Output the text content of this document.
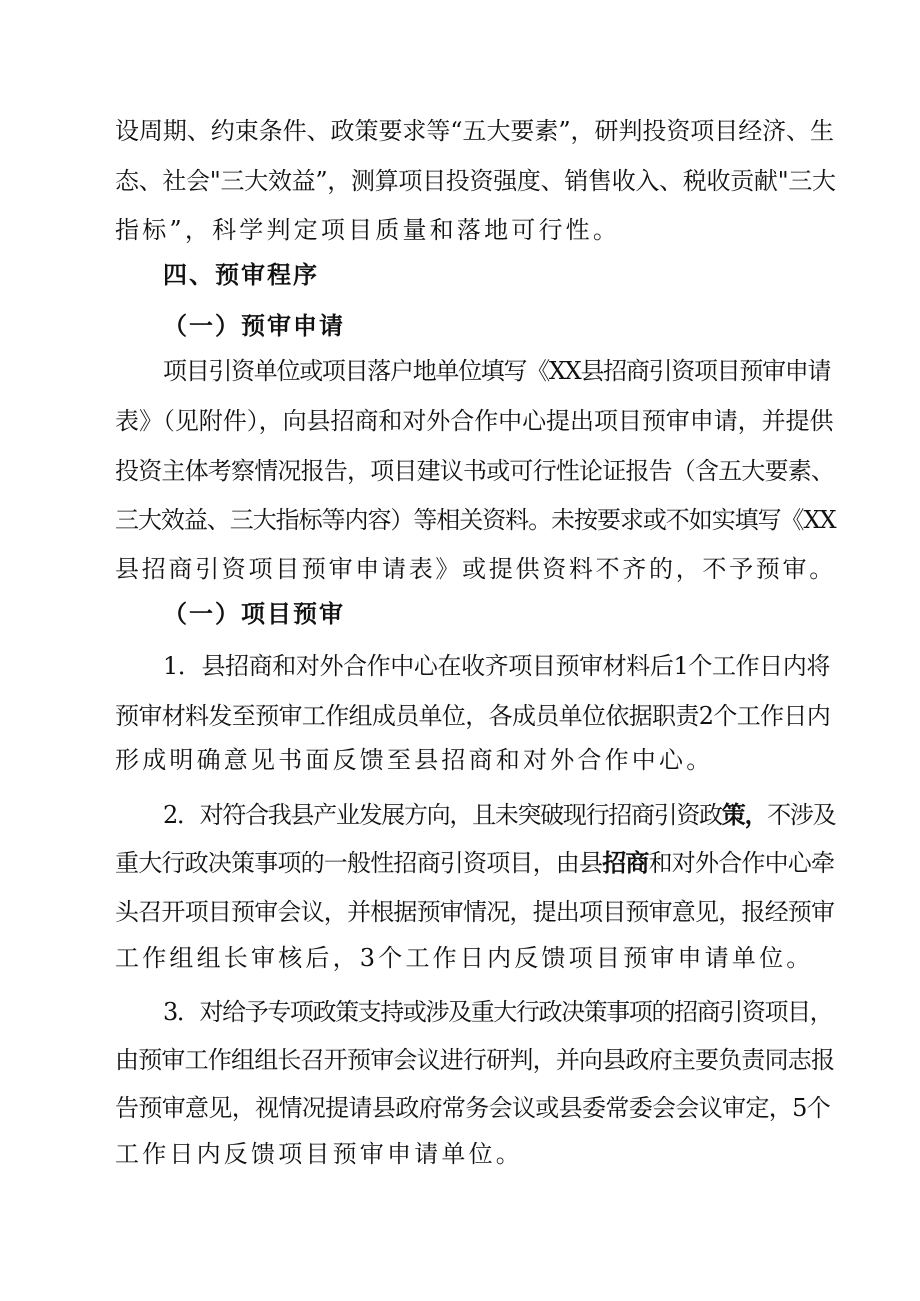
设周期、约束条件、政策要求等“五大要素”，研判投资项目经济、生
态、社会"三大效益”，测算项目投资强度、销售收入、税收贡献"三大
指标”，科学判定项目质量和落地可行性。
四、预审程序
（一）预审申请
项目引资单位或项目落户地单位填写《XX县招商引资项目预审申请
表》（见附件），向县招商和对外合作中心提出项目预审申请，并提供
投资主体考察情况报告，项目建议书或可行性论证报告（含五大要素、
三大效益、三大指标等内容）等相关资料。未按要求或不如实填写《XX
县招商引资项目预审申请表》或提供资料不齐的，不予预审。
（一）项目预审
1．县招商和对外合作中心在收齐项目预审材料后1个工作日内将
预审材料发至预审工作组成员单位，各成员单位依据职责2个工作日内
形成明确意见书面反馈至县招商和对外合作中心。
2．对符合我县产业发展方向，且未突破现行招商引资政策，不涉及
重大行政决策事项的一般性招商引资项目，由县招商和对外合作中心牵
头召开项目预审会议，并根据预审情况，提出项目预审意见，报经预审
工作组组长审核后，3个工作日内反馈项目预审申请单位。
3．对给予专项政策支持或涉及重大行政决策事项的招商引资项目，
由预审工作组组长召开预审会议进行研判，并向县政府主要负责同志报
告预审意见，视情况提请县政府常务会议或县委常委会会议审定，5个
工作日内反馈项目预审申请单位。
